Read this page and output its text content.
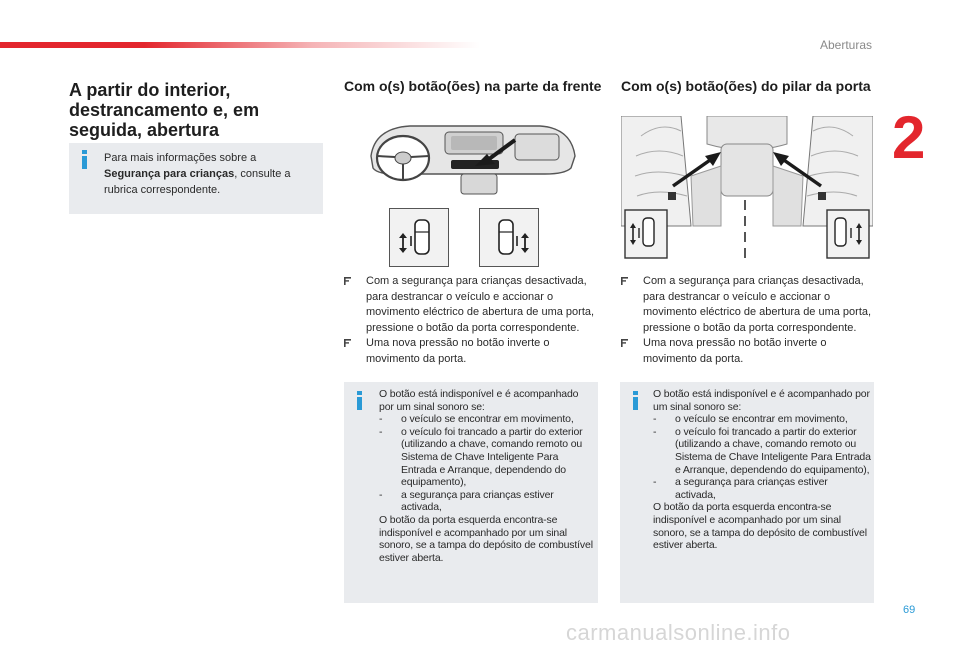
Aberturas
2
A partir do interior, destrancamento e, em seguida, abertura
Para mais informações sobre a Segurança para crianças, consulte a rubrica correspondente.
Com o(s) botão(ões) na parte da frente
Com a segurança para crianças desactivada, para destrancar o veículo e accionar o movimento eléctrico de abertura de uma porta, pressione o botão da porta correspondente.
Uma nova pressão no botão inverte o movimento da porta.
O botão está indisponível e é acompanhado por um sinal sonoro se:
- o veículo se encontrar em movimento,
- o veículo foi trancado a partir do exterior (utilizando a chave, comando remoto ou Sistema de Chave Inteligente Para Entrada e Arranque, dependendo do equipamento),
- a segurança para crianças estiver activada,
O botão da porta esquerda encontra-se indisponível e acompanhado por um sinal sonoro, se a tampa do depósito de combustível estiver aberta.
Com o(s) botão(ões) do pilar da porta
Com a segurança para crianças desactivada, para destrancar o veículo e accionar o movimento eléctrico de abertura de uma porta, pressione o botão da porta correspondente.
Uma nova pressão no botão inverte o movimento da porta.
O botão está indisponível e é acompanhado por um sinal sonoro se:
- o veículo se encontrar em movimento,
- o veículo foi trancado a partir do exterior (utilizando a chave, comando remoto ou Sistema de Chave Inteligente Para Entrada e Arranque, dependendo do equipamento),
- a segurança para crianças estiver activada,
O botão da porta esquerda encontra-se indisponível e acompanhado por um sinal sonoro, se a tampa do depósito de combustível estiver aberta.
69
carmanualsonline.info
